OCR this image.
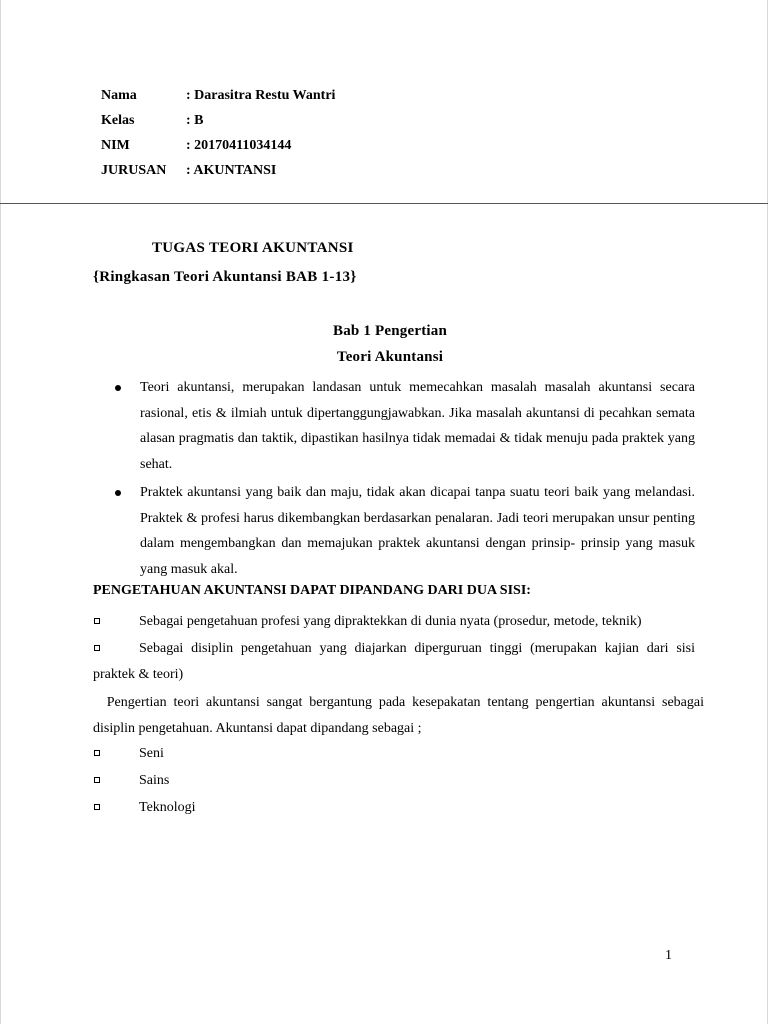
Nama	: Darasitra Restu Wantri
Kelas	: B
NIM	: 20170411034144
JURUSAN : AKUNTANSI
TUGAS TEORI AKUNTANSI
{Ringkasan Teori Akuntansi BAB 1-13}
Bab 1 Pengertian
Teori Akuntansi
Teori akuntansi, merupakan landasan untuk memecahkan masalah masalah akuntansi secara rasional, etis & ilmiah untuk dipertanggungjawabkan. Jika masalah akuntansi di pecahkan semata alasan pragmatis dan taktik, dipastikan hasilnya tidak memadai & tidak menuju pada praktek yang sehat.
Praktek akuntansi yang baik dan maju, tidak akan dicapai tanpa suatu teori baik yang melandasi. Praktek & profesi harus dikembangkan berdasarkan penalaran. Jadi teori merupakan unsur penting dalam mengembangkan dan memajukan praktek akuntansi dengan prinsip- prinsip yang masuk yang masuk akal.
PENGETAHUAN AKUNTANSI DAPAT DIPANDANG DARI DUA SISI:
Sebagai pengetahuan profesi yang dipraktekkan di dunia nyata (prosedur, metode, teknik)
Sebagai disiplin pengetahuan yang diajarkan diperguruan tinggi (merupakan kajian dari sisi praktek & teori)
Pengertian teori akuntansi sangat bergantung pada kesepakatan tentang pengertian akuntansi sebagai disiplin pengetahuan. Akuntansi dapat dipandang sebagai ;
Seni
Sains
Teknologi
1
